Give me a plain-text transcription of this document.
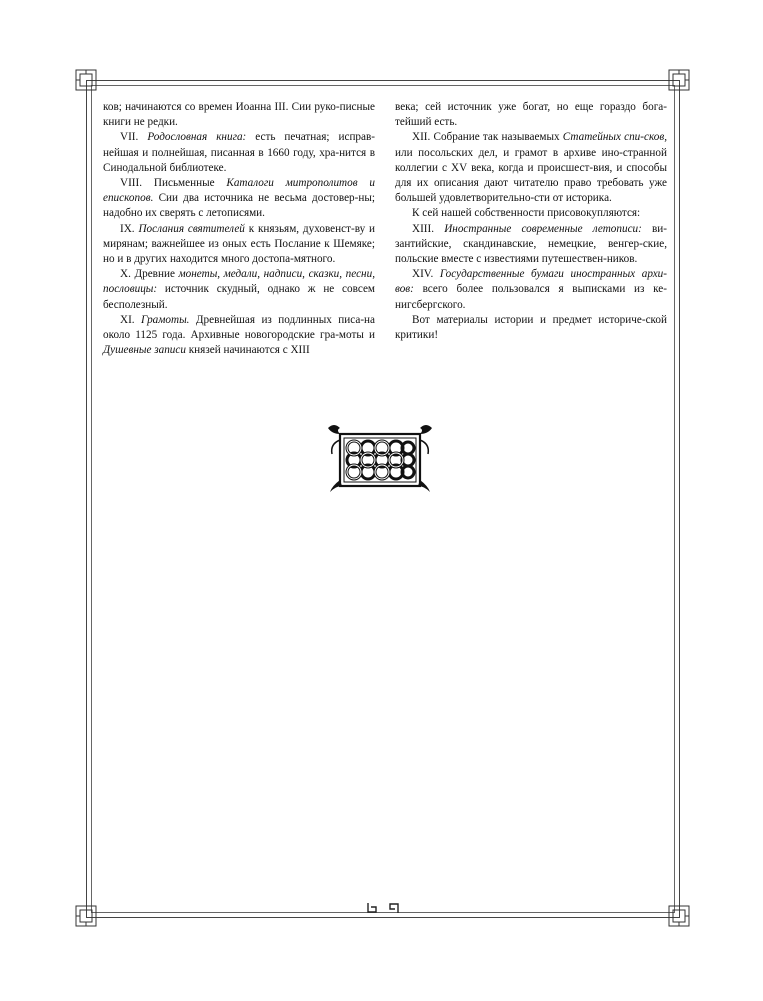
ков; начинаются со времен Иоанна III. Сии руко-писные книги не редки.

VII. Родословная книга: есть печатная; исправ-нейшая и полнейшая, писанная в 1660 году, хра-нится в Синодальной библиотеке.

VIII. Письменные Каталоги митрополитов и епископов. Сии два источника не весьма достовер-ны; надобно их сверять с летописями.

IX. Послания святителей к князьям, духовенст-ву и мирянам; важнейшее из оных есть Послание к Шемяке; но и в других находится много достопа-мятного.

X. Древние монеты, медали, надписи, сказки, песни, пословицы: источник скудный, однако ж не совсем бесполезный.

XI. Грамоты. Древнейшая из подлинных писа-на около 1125 года. Архивные новогородские гра-моты и Душевные записи князей начинаются с XIII

века; сей источник уже богат, но еще гораздо бога-тейший есть.

XII. Собрание так называемых Статейных спи-сков, или посольских дел, и грамот в архиве ино-странной коллегии с XV века, когда и происшест-вия, и способы для их описания дают читателю право требовать уже большей удовлетворительно-сти от историка.

К сей нашей собственности присовокупляются:

XIII. Иностранные современные летописи: ви-зантийские, скандинавские, немецкие, венгер-ские, польские вместе с известиями путешествен-ников.

XIV. Государственные бумаги иностранных архи-вов: всего более пользовался я выписками из ке-нигсбергского.

Вот материалы истории и предмет историче-ской критики!
